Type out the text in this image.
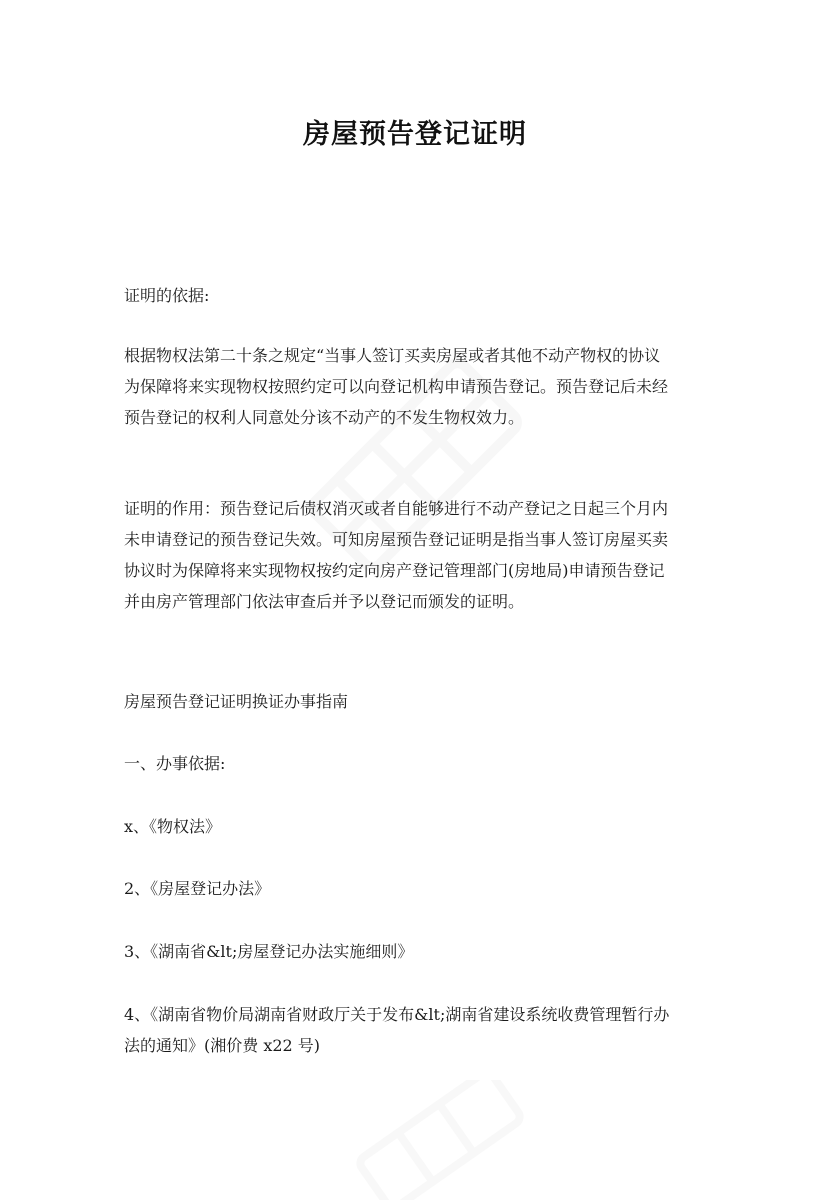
房屋预告登记证明
证明的依据:
根据物权法第二十条之规定“当事人签订买卖房屋或者其他不动产物权的协议
为保障将来实现物权按照约定可以向登记机构申请预告登记。预告登记后未经
预告登记的权利人同意处分该不动产的不发生物权效力。
证明的作用：预告登记后债权消灭或者自能够进行不动产登记之日起三个月内
未申请登记的预告登记失效。可知房屋预告登记证明是指当事人签订房屋买卖
协议时为保障将来实现物权按约定向房产登记管理部门(房地局)申请预告登记
并由房产管理部门依法审查后并予以登记而颁发的证明。
房屋预告登记证明换证办事指南
一、办事依据:
x、《物权法》
2、《房屋登记办法》
3、《湖南省&lt;房屋登记办法实施细则》
4、《湖南省物价局湖南省财政厅关于发布&lt;湖南省建设系统收费管理暂行办
法的通知》(湘价费 x22 号)
